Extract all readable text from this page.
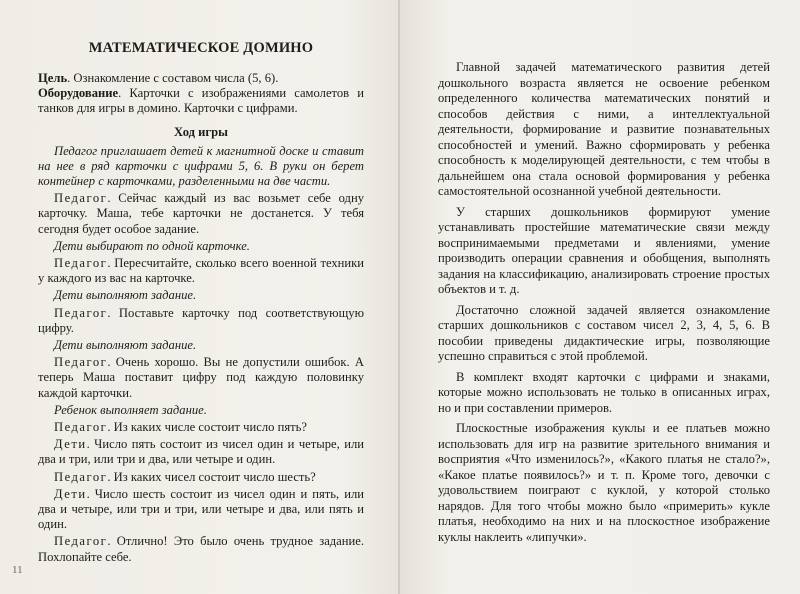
МАТЕМАТИЧЕСКОЕ ДОМИНО

Цель. Ознакомление с составом числа (5, 6).

Оборудование. Карточки с изображениями самолетов и танков для игры в домино. Карточки с цифрами.

Ход игры

Педагог приглашает детей к магнитной доске и ставит на нее в ряд карточки с цифрами 5, 6. В руки он берет контейнер с карточками, разделенными на две части.

Педагог. Сейчас каждый из вас возьмет себе одну карточку. Маша, тебе карточки не достанется. У тебя сегодня будет особое задание.

Дети выбирают по одной карточке.

Педагог. Пересчитайте, сколько всего военной техники у каждого из вас на карточке.

Дети выполняют задание.

Педагог. Поставьте карточку под соответствующую цифру.

Дети выполняют задание.

Педагог. Очень хорошо. Вы не допустили ошибок. А теперь Маша поставит цифру под каждую половинку каждой карточки.

Ребенок выполняет задание.

Педагог. Из каких числе состоит число пять?

Дети. Число пять состоит из чисел один и четыре, или два и три, или три и два, или четыре и один.

Педагог. Из каких чисел состоит число шесть?

Дети. Число шесть состоит из чисел один и пять, или два и четыре, или три и три, или четыре и два, или пять и один.

Педагог. Отлично! Это было очень трудное задание. Похлопайте себе.

11

Главной задачей математического развития детей дошкольного возраста является не освоение ребенком определенного количества математических понятий и способов действия с ними, а интеллектуальной деятельности, формирование и развитие познавательных способностей и умений. Важно сформировать у ребенка способность к моделирующей деятельности, с тем чтобы в дальнейшем она стала основой формирования у ребенка самостоятельной осознанной учебной деятельности.

У старших дошкольников формируют умение устанавливать простейшие математические связи между воспринимаемыми предметами и явлениями, умение производить операции сравнения и обобщения, выполнять задания на классификацию, анализировать строение простых объектов и т. д.

Достаточно сложной задачей является ознакомление старших дошкольников с составом чисел 2, 3, 4, 5, 6. В пособии приведены дидактические игры, позволяющие успешно справиться с этой проблемой.

В комплект входят карточки с цифрами и знаками, которые можно использовать не только в описанных играх, но и при составлении примеров.

Плоскостные изображения куклы и ее платьев можно использовать для игр на развитие зрительного внимания и восприятия «Что изменилось?», «Какого платья не стало?», «Какое платье появилось?» и т. п. Кроме того, девочки с удовольствием поиграют с куклой, у которой столько нарядов. Для того чтобы можно было «примерить» кукле платья, необходимо на них и на плоскостное изображение куклы наклеить «липучки».
